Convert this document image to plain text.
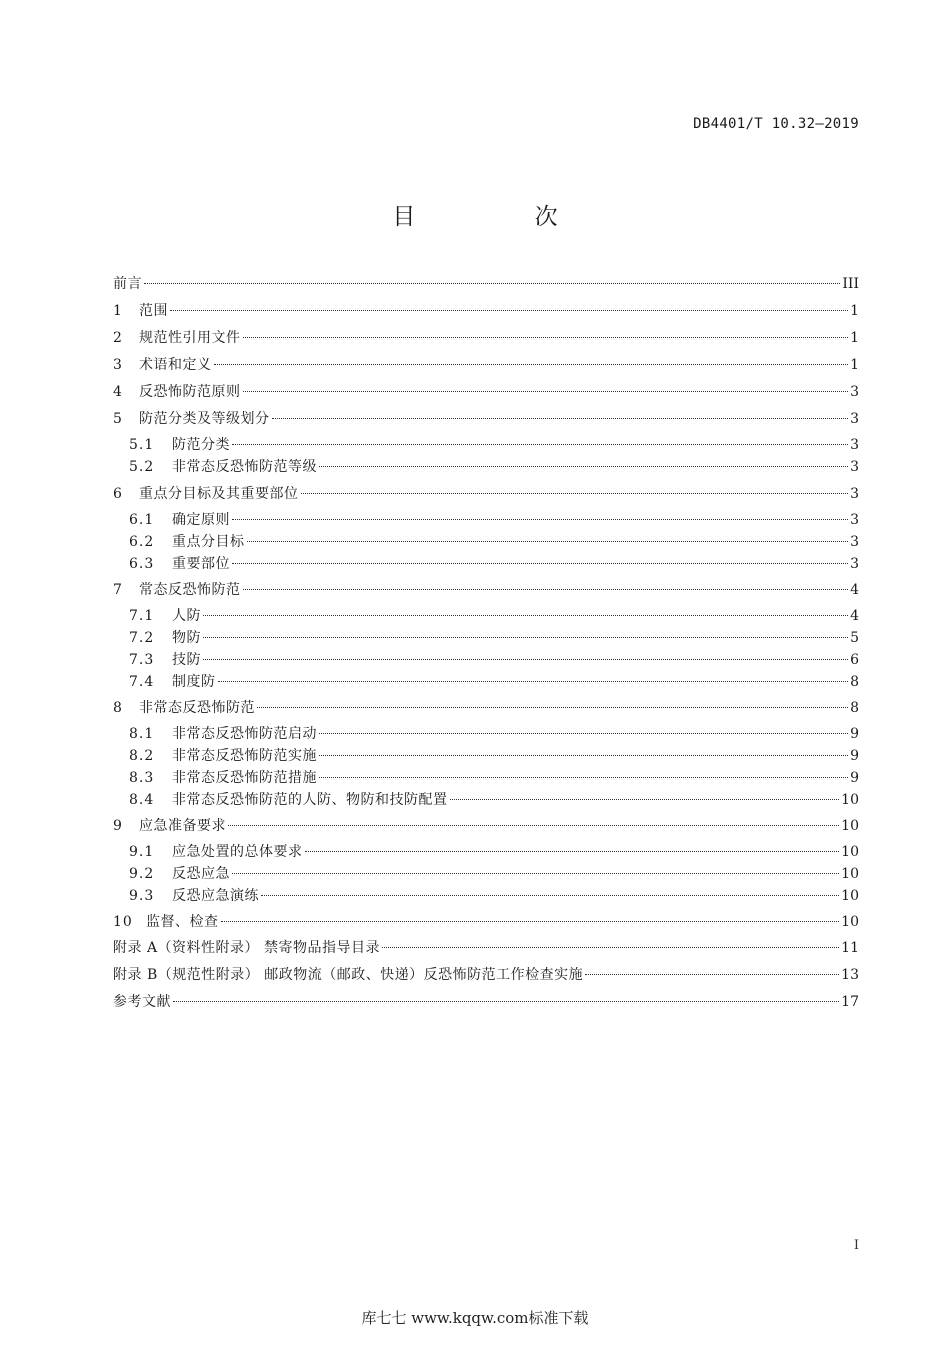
DB4401/T 10.32—2019
目 次
前言	III
1	范围	1
2	规范性引用文件	1
3	术语和定义	1
4	反恐怖防范原则	3
5	防范分类及等级划分	3
5.1	防范分类	3
5.2	非常态反恐怖防范等级	3
6	重点分目标及其重要部位	3
6.1	确定原则	3
6.2	重点分目标	3
6.3	重要部位	3
7	常态反恐怖防范	4
7.1	人防	4
7.2	物防	5
7.3	技防	6
7.4	制度防	8
8	非常态反恐怖防范	8
8.1	非常态反恐怖防范启动	9
8.2	非常态反恐怖防范实施	9
8.3	非常态反恐怖防范措施	9
8.4	非常态反恐怖防范的人防、物防和技防配置	10
9	应急准备要求	10
9.1	应急处置的总体要求	10
9.2	反恐应急	10
9.3	反恐应急演练	10
10 监督、检查	10
附录 A（资料性附录） 禁寄物品指导目录	11
附录 B（规范性附录） 邮政物流（邮政、快递）反恐怖防范工作检查实施	13
参考文献	17
I
库七七 www.kqqw.com标准下载
